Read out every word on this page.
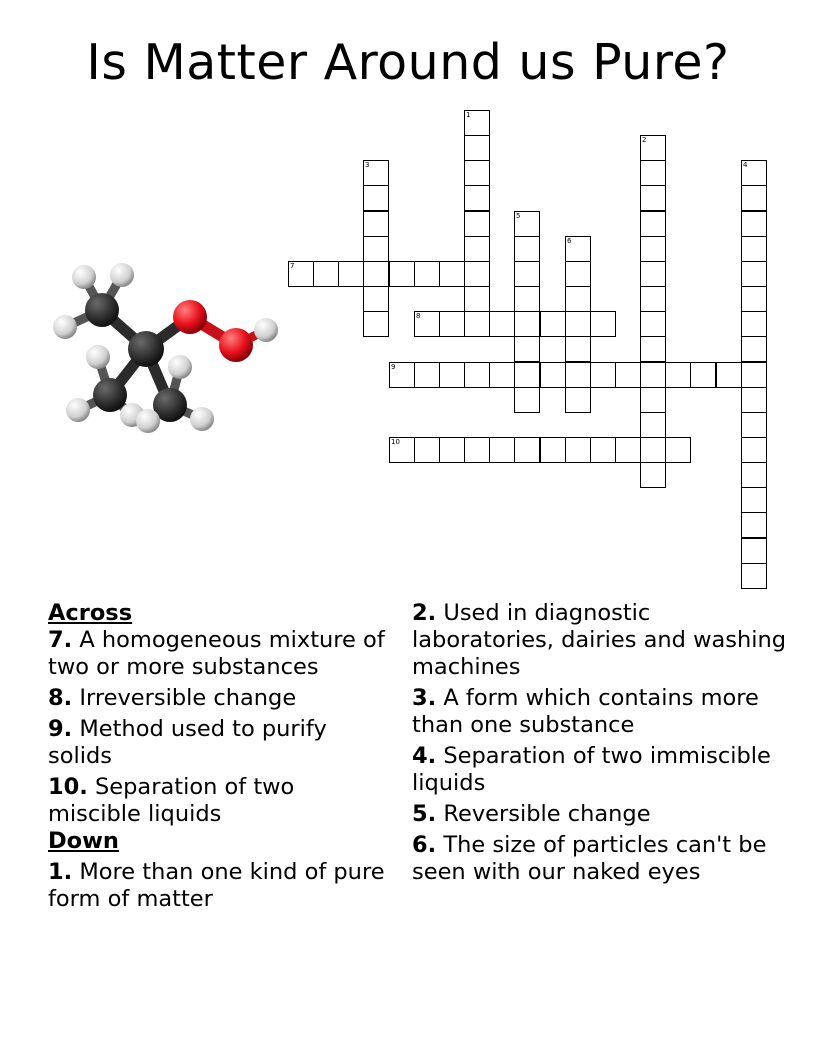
Is Matter Around us Pure?
1
2
3	4
5
6
7
8
9
10
Across
7. A homogeneous mixture of two or more substances
8. Irreversible change
9. Method used to purify solids
10. Separation of two miscible liquids
Down
1. More than one kind of pure form of matter
2. Used in diagnostic laboratories, dairies and washing machines
3. A form which contains more than one substance
4. Separation of two immiscible liquids
5. Reversible change
6. The size of particles can't be seen with our naked eyes
